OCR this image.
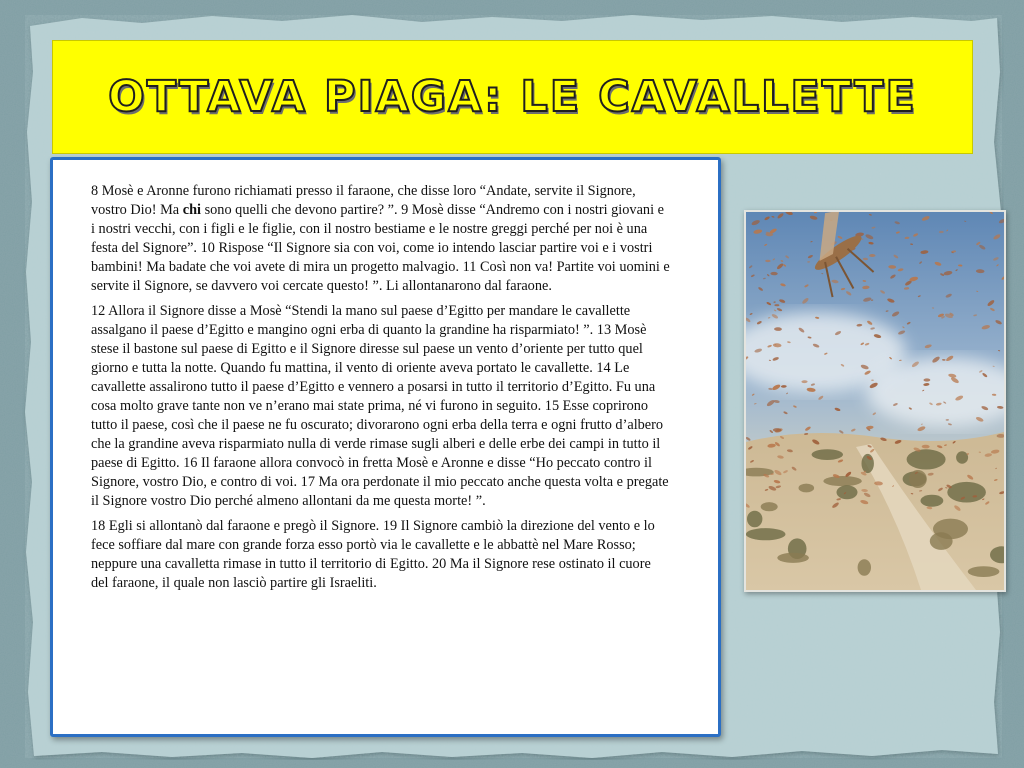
OTTAVA PIAGA: LE CAVALLETTE

8 Mosè e Aronne furono richiamati presso il faraone, che disse loro “Andate, servite il Signore, vostro Dio! Ma chi sono quelli che devono partire? ”. 9 Mosè disse “Andremo con i nostri giovani e i nostri vecchi, con i figli e le figlie, con il nostro bestiame e le nostre greggi perché per noi è una festa del Signore”. 10 Rispose “Il Signore sia con voi, come io intendo lasciar partire voi e i vostri bambini! Ma badate che voi avete di mira un progetto malvagio. 11 Così non va! Partite voi uomini e servite il Signore, se davvero voi cercate questo! ”. Li allontanarono dal faraone.

12 Allora il Signore disse a Mosè “Stendi la mano sul paese d’Egitto per mandare le cavallette assalgano il paese d’Egitto e mangino ogni erba di quanto la grandine ha risparmiato! ”. 13 Mosè stese il bastone sul paese di Egitto e il Signore diresse sul paese un vento d’oriente per tutto quel giorno e tutta la notte. Quando fu mattina, il vento di oriente aveva portato le cavallette. 14 Le cavallette assalirono tutto il paese d’Egitto e vennero a posarsi in tutto il territorio d’Egitto. Fu una cosa molto grave tante non ve n’erano mai state prima, né vi furono in seguito. 15 Esse coprirono tutto il paese, così che il paese ne fu oscurato; divorarono ogni erba della terra e ogni frutto d’albero che la grandine aveva risparmiato nulla di verde rimase sugli alberi e delle erbe dei campi in tutto il paese di Egitto. 16 Il faraone allora convocò in fretta Mosè e Aronne e disse “Ho peccato contro il Signore, vostro Dio, e contro di voi. 17 Ma ora perdonate il mio peccato anche questa volta e pregate il Signore vostro Dio perché almeno allontani da me questa morte! ”.

18 Egli si allontanò dal faraone e pregò il Signore. 19 Il Signore cambiò la direzione del vento e lo fece soffiare dal mare con grande forza esso portò via le cavallette e le abbattè nel Mare Rosso; neppure una cavalletta rimase in tutto il territorio di Egitto. 20 Ma il Signore rese ostinato il cuore del faraone, il quale non lasciò partire gli Israeliti.
